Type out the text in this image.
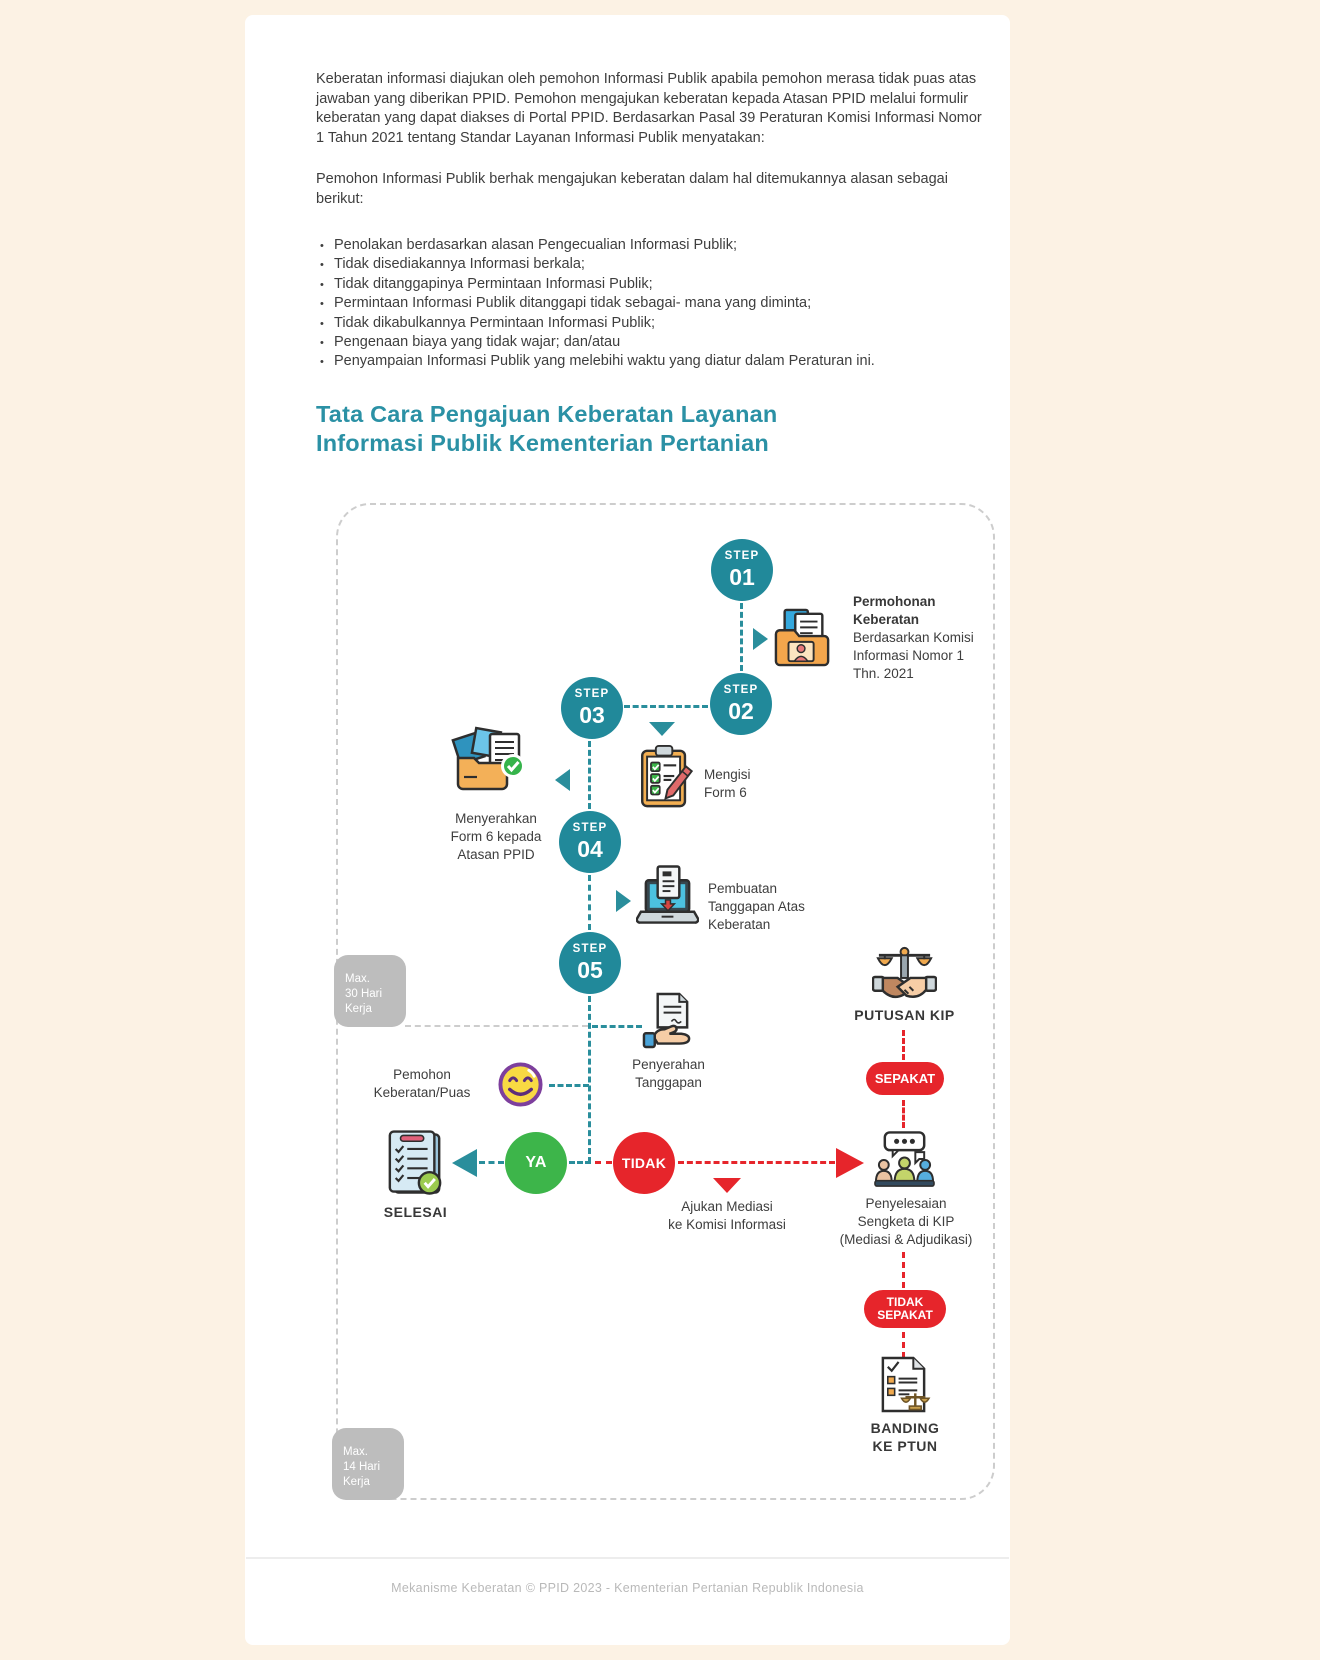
Keberatan informasi diajukan oleh pemohon Informasi Publik apabila pemohon merasa tidak puas atas jawaban yang diberikan PPID. Pemohon mengajukan keberatan kepada Atasan PPID melalui formulir keberatan yang dapat diakses di Portal PPID. Berdasarkan Pasal 39 Peraturan Komisi Informasi Nomor 1 Tahun 2021 tentang Standar Layanan Informasi Publik menyatakan:
Pemohon Informasi Publik berhak mengajukan keberatan dalam hal ditemukannya alasan sebagai berikut:
• Penolakan berdasarkan alasan Pengecualian Informasi Publik;
• Tidak disediakannya Informasi berkala;
• Tidak ditanggapinya Permintaan Informasi Publik;
• Permintaan Informasi Publik ditanggapi tidak sebagai- mana yang diminta;
• Tidak dikabulkannya Permintaan Informasi Publik;
• Pengenaan biaya yang tidak wajar; dan/atau
• Penyampaian Informasi Publik yang melebihi waktu yang diatur dalam Peraturan ini.
Tata Cara Pengajuan Keberatan Layanan
Informasi Publik Kementerian Pertanian
Max.
30 Hari
Kerja
Max.
14 Hari
Kerja
STEP
01
STEP
02
STEP
03
STEP
04
STEP
05
YA	TIDAK
SEPAKAT
TIDAK
SEPAKAT
Permohonan
Keberatan
Berdasarkan Komisi
Informasi Nomor 1
Thn. 2021
Mengisi
Form 6
Menyerahkan
Form 6 kepada
Atasan PPID
Pembuatan
Tanggapan Atas
Keberatan
Penyerahan
Tanggapan
Pemohon
Keberatan/Puas
SELESAI	Ajukan Mediasi
ke Komisi Informasi
PUTUSAN KIP
Penyelesaian
Sengketa di KIP
(Mediasi & Adjudikasi)
BANDING
KE PTUN
Mekanisme Keberatan © PPID 2023 - Kementerian Pertanian Republik Indonesia
